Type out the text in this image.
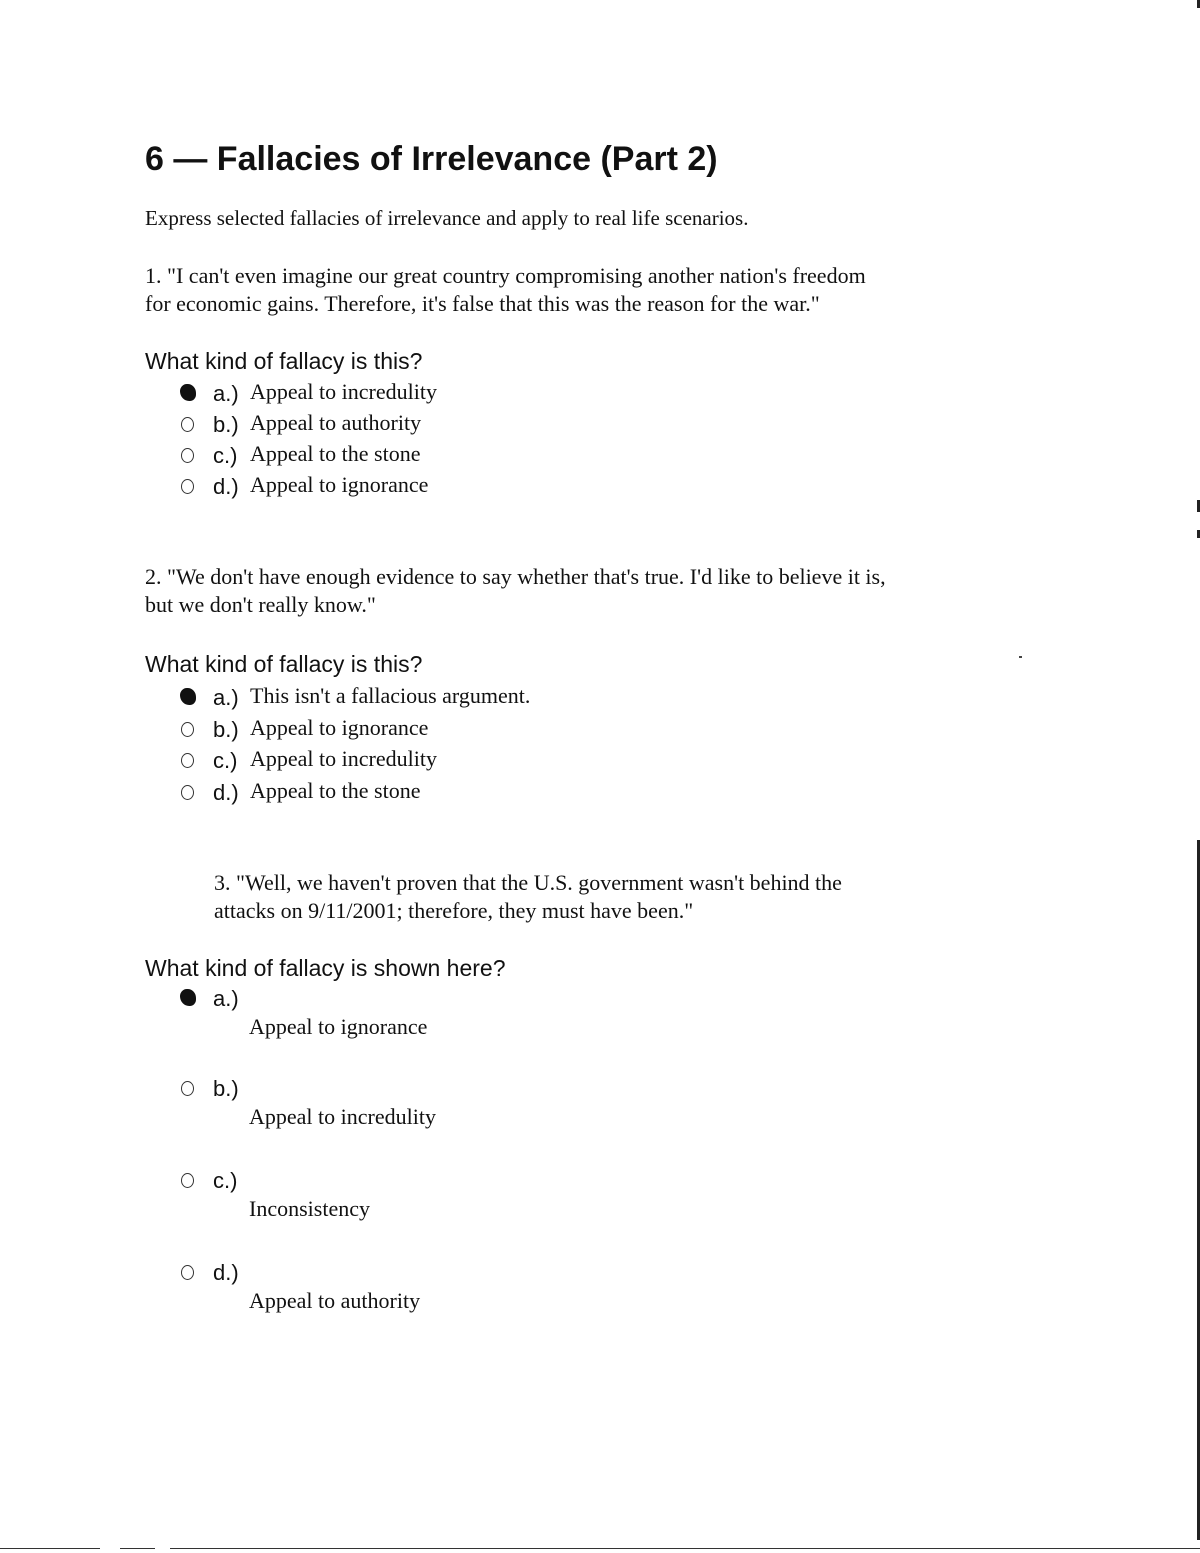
6 — Fallacies of Irrelevance (Part 2)
Express selected fallacies of irrelevance and apply to real life scenarios.
1. "I can't even imagine our great country compromising another nation's freedom
for economic gains. Therefore, it's false that this was the reason for the war."
What kind of fallacy is this?
a.) Appeal to incredulity
b.) Appeal to authority
c.) Appeal to the stone
d.) Appeal to ignorance
2. "We don't have enough evidence to say whether that's true. I'd like to believe it is,
but we don't really know."
What kind of fallacy is this?
a.) This isn't a fallacious argument.
b.) Appeal to ignorance
c.) Appeal to incredulity
d.) Appeal to the stone
3. "Well, we haven't proven that the U.S. government wasn't behind the
attacks on 9/11/2001; therefore, they must have been."
What kind of fallacy is shown here?
a.)
Appeal to ignorance
b.)
Appeal to incredulity
c.)
Inconsistency
d.)
Appeal to authority
